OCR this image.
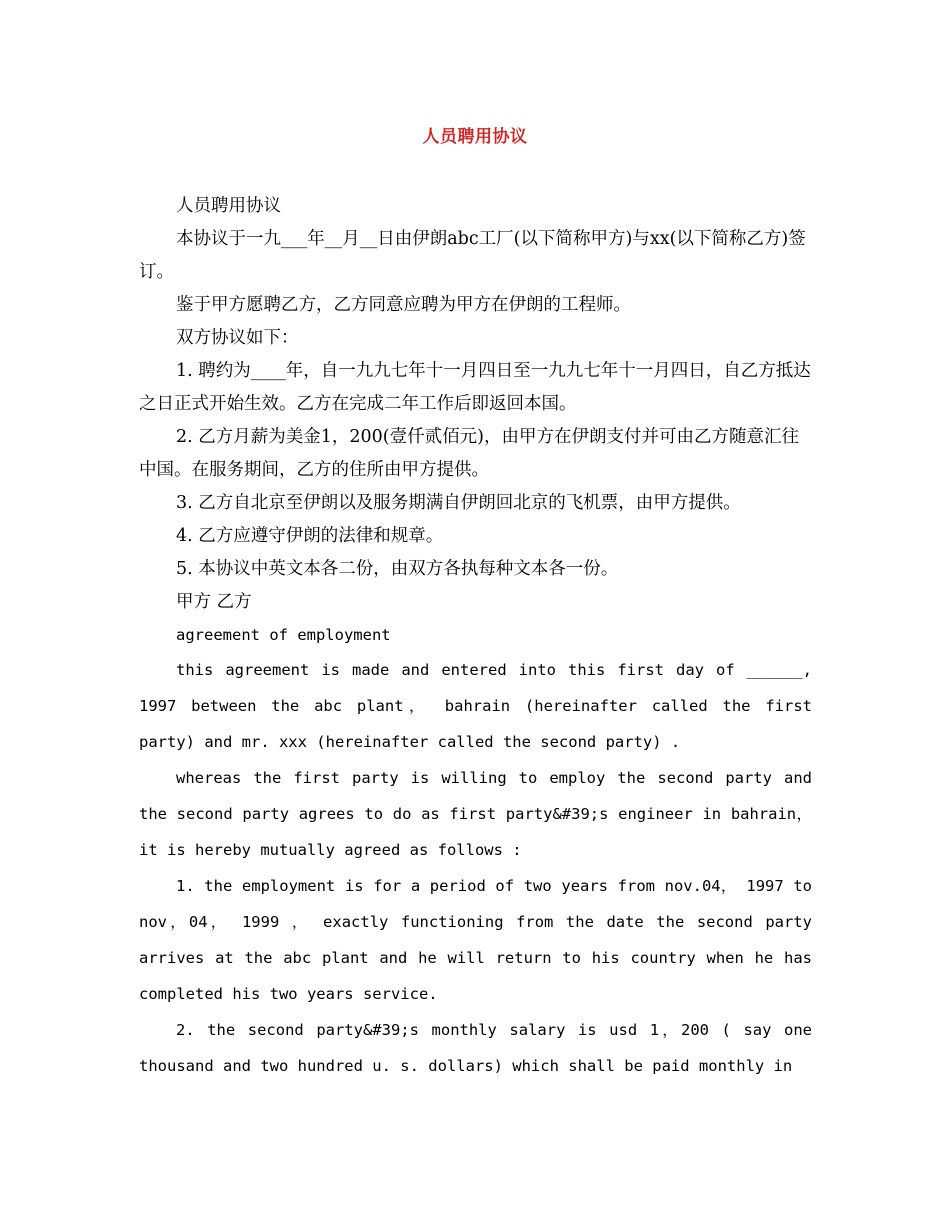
人员聘用协议

人员聘用协议

本协议于一九___年__月__日由伊朗abc工厂(以下简称甲方)与xx(以下简称乙方)签订。

鉴于甲方愿聘乙方，乙方同意应聘为甲方在伊朗的工程师。

双方协议如下：

1. 聘约为____年，自一九九七年十一月四日至一九九七年十一月四日，自乙方抵达之日正式开始生效。乙方在完成二年工作后即返回本国。

2. 乙方月薪为美金1，200(壹仟贰佰元)，由甲方在伊朗支付并可由乙方随意汇往中国。在服务期间，乙方的住所由甲方提供。

3. 乙方自北京至伊朗以及服务期满自伊朗回北京的飞机票，由甲方提供。

4. 乙方应遵守伊朗的法律和规章。

5. 本协议中英文本各二份，由双方各执每种文本各一份。

甲方 乙方

agreement of employment

this agreement is made and entered into this first day of ______, 1997 between the abc plant， bahrain (hereinafter called the first party) and mr. xxx (hereinafter called the second party) .

whereas the first party is willing to employ the second party and the second party agrees to do as first party&#39;s engineer in bahrain， it is hereby mutually agreed as follows :

1. the employment is for a period of two years from nov.04， 1997 to nov，04， 1999 ， exactly functioning from the date the second party arrives at the abc plant and he will return to his country when he has completed his two years service.

2. the second party&#39;s monthly salary is usd 1，200 ( say one thousand and two hundred u. s. dollars) which shall be paid monthly in
